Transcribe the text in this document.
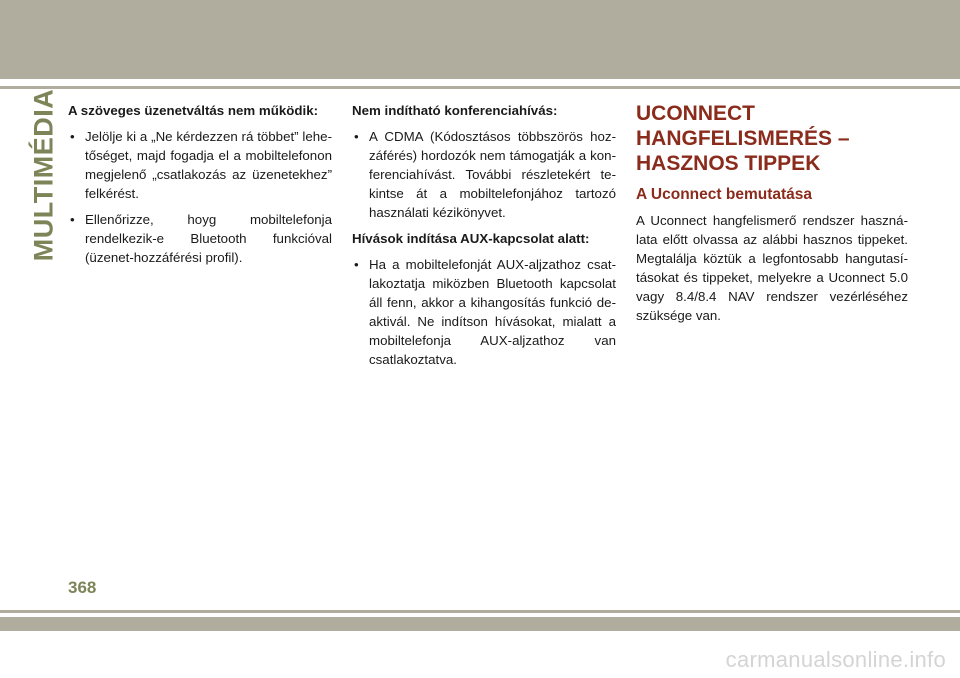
MULTIMÉDIA A szöveges üzenetváltás nem működik:

• Jelölje ki a „Ne kérdezzen rá többet” lehetőséget, majd fogadja el a mobiltelefonon megjelenő „csatlakozás az üzenetekhez” felkérést.
• Ellenőrizze, hoyg mobiltelefonja rendelkezik-e Bluetooth funkcióval (üzenet-hozzáférési profil).

Nem indítható konferenciahívás:

• A CDMA (Kódosztásos többszörös hozzáférés) hordozók nem támogatják a konferenciahívást. További részletekért tekintse át a mobiltelefonjához tartozó használati kézikönyvet.

Hívások indítása AUX-kapcsolat alatt:

• Ha a mobiltelefonját AUX-aljzathoz csatlakoztatja miközben Bluetooth kapcsolat áll fenn, akkor a kihangosítás funkció deaktivál. Ne indítson hívásokat, mialatt a mobiltelefonja AUX-aljzathoz van csatlakoztatva.
UCONNECT HANGFELISMERÉS – HASZNOS TIPPEK
A Uconnect bemutatása

A Uconnect hangfelismerő rendszer használata előtt olvassa az alábbi hasznos tippeket. Megtalálja köztük a legfontosabb hangutasításokat és tippeket, melyekre a Uconnect 5.0 vagy 8.4/8.4 NAV rendszer vezérléséhez szüksége van.

368
carmanualsonline.info
